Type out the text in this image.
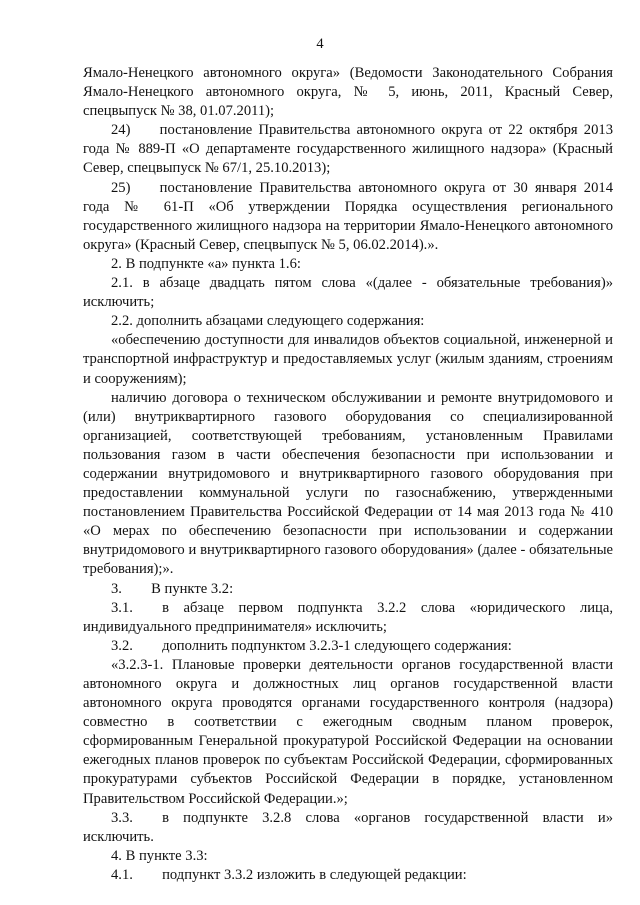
4

Ямало-Ненецкого автономного округа» (Ведомости Законодательного Собрания Ямало-Ненецкого автономного округа, № 5, июнь, 2011, Красный Север, спецвыпуск № 38, 01.07.2011);

24)  постановление Правительства автономного округа от 22 октября 2013 года № 889-П «О департаменте государственного жилищного надзора» (Красный Север, спецвыпуск № 67/1, 25.10.2013);

25)  постановление Правительства автономного округа от 30 января 2014 года № 61-П «Об утверждении Порядка осуществления регионального государственного жилищного надзора на территории Ямало-Ненецкого автономного округа» (Красный Север, спецвыпуск № 5, 06.02.2014).».

2. В подпункте «а» пункта 1.6:

2.1. в абзаце двадцать пятом слова «(далее - обязательные требования)» исключить;

2.2. дополнить абзацами следующего содержания:

«обеспечению доступности для инвалидов объектов социальной, инженерной и транспортной инфраструктур и предоставляемых услуг (жилым зданиям, строениям и сооружениям);

наличию договора о техническом обслуживании и ремонте внутридомового и (или) внутриквартирного газового оборудования со специализированной организацией, соответствующей требованиям, установленным Правилами пользования газом в части обеспечения безопасности при использовании и содержании внутридомового и внутриквартирного газового оборудования при предоставлении коммунальной услуги по газоснабжению, утвержденными постановлением Правительства Российской Федерации от 14 мая 2013 года № 410 «О мерах по обеспечению безопасности при использовании и содержании внутридомового и внутриквартирного газового оборудования» (далее - обязательные требования);».

3.  В пункте 3.2:

3.1.  в абзаце первом подпункта 3.2.2 слова «юридического лица, индивидуального предпринимателя» исключить;

3.2.  дополнить подпунктом 3.2.3-1 следующего содержания:

«3.2.3-1. Плановые проверки деятельности органов государственной власти автономного округа и должностных лиц органов государственной власти автономного округа проводятся органами государственного контроля (надзора) совместно в соответствии с ежегодным сводным планом проверок, сформированным Генеральной прокуратурой Российской Федерации на основании ежегодных планов проверок по субъектам Российской Федерации, сформированных прокуратурами субъектов Российской Федерации в порядке, установленном Правительством Российской Федерации.»;

3.3.  в подпункте 3.2.8 слова «органов государственной власти и» исключить.

4. В пункте 3.3:

4.1.  подпункт 3.3.2 изложить в следующей редакции:
